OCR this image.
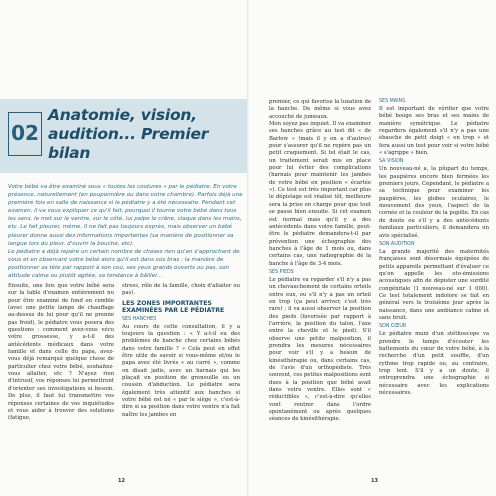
02
Anatomie, vision, audition... Premier bilan

Votre bébé va être examiné sous « toutes les coutures » par le pédiatre. En votre présence, naturellement (en pouponnière ou dans votre chambre). Parfois déjà une première fois en salle de naissance si le pédiatre y a été nécessaire. Pendant cet examen, il va vous expliquer ce qu'il fait, pourquoi il tourne votre bébé dans tous les sens, le met sur le ventre, sur le côté, lui palpe le crâne, claque dans les mains, etc. Le fait pleurer, même. Il ne fait pas toujours exprès, mais observer un bébé pleurer donne aussi des informations importantes (sa manière de positionner sa langue lors du pleur, d'ouvrir la bouche, etc).

Le pédiatre a déjà repéré un certain nombre de choses rien qu'en s'approchant de vous et en observant votre bébé alors qu'il est dans vos bras : la manière de positionner sa tête par rapport à son cou, ses yeux grands ouverts ou pas, son attitude calme ou plutôt agitée, sa tendance à bâiller...

Ensuite, une fois que votre bébé sera sur la table d'examen entièrement nu pour être examiné de fond en comble (avec une petite lampe de chauffage au-dessus de lui pour qu'il ne prenne pas froid), le pédiatre vous posera des questions : comment avez-vous vécu votre grossesse, y a-t-il des antécédents médicaux dans votre famille et dans celle du papa, avez-vous déjà remarqué quelque chose de particulier chez votre bébé, souhaitez-vous allaiter, etc ? N'ayez rien d'intrusif, vos réponses lui permettront d'orienter ses investigations si besoin. De plus, il faut lui transmettre vos réponses certaines de vos inquiétudes et vous aider à trouver des solutions (fatigue,

stress, rôle de la famille, choix d'allaiter ou pas).

LES ZONES IMPORTANTES EXAMINÉES PAR LE PÉDIATRE
SES HANCHES

Au cours de cette consultation, il y a toujours la question : « Y a-t-il eu des problèmes de hanche chez certains bébés dans votre famille ? » Cela peut en effet être utile de savoir si vous-même et/ou le papa avez été livrés « au carré », comme on disait jadis, avec un harnais qui les plaçait en position de grenouille ou un coussin d'abduction. Le pédiatre sera également très attentif aux hanches si votre bébé est né « par le siège », c'est-à-dire si sa position dans votre ventre n'a fait naître les jambes en

12

premier, ce qui favorise la luxation de la hanche. De même si vous avez accouché de jumeaux.
Mon soyez pas inquiet. Il va examiner ses hanches grâce au test dit « de Barlow » (mais il y en a d'autres) pour s'assurer qu'il ne repère pas un petit craquement. Si tel était le cas, un traitement serait mis en place pour lui éviter des complications (harnais pour maintenir les jambes de votre bébé en position « écartée »). Ce test est très important car plus le dépistage est réalisé tôt, meilleure sera la prise en charge pour que tout se passe bien ensuite. Si cet examen est normal mais qu'il y a des antécédents dans votre famille, peut-être le pédiatre demandera-t-il par prévention une échographie des hanches à l'âge de 1 mois ou, dans certains cas, une radiographie de la hanche à l'âge de 3-4 mois.

SES PIEDS

Le pédiatre va regarder s'il n'y a pas un chevauchement de certains orteils entre eux, ou s'il n'y a pas un orteil en trop (ça peut arriver, c'est très rare) ; il va aussi observer la position des pieds (favorisée par rapport à l'arrière, la position du talon, l'axe entre la cheville et le pied). S'il observe une petite malposition, il prendra les mesures nécessaires pour voir s'il y a besoin de kinésithérapie ou, dans certains cas, de l'avis d'un orthopédiste. Très souvent, ces petites malpositions sont dues à la position que bébé avait dans votre ventre. Elles sont « réductibles », c'est-à-dire qu'elles vont rentrer dans l'ordre spontanément ou après quelques séances de kinésithérapie.

SES MAINS

Il est important de vérifier que votre bébé bouge ses bras et ses mains de manière symétrique. Le pédiatre regardera également s'il n'y a pas une ébauche de petit doigt « en trop » et fera aussi un test pour voir si votre bébé « s'agrippe » bien.

SA VISION

Un nouveau-né a, la plupart du temps, les paupières encore bien fermées les premiers jours. Cependant, le pédiatre a sa technique pour examiner les paupières, les globes oculaires, le mouvement des yeux, l'aspect de la cornée et la couleur de la pupille. En cas de doute ou s'il y a des antécédents familiaux particuliers, il demandera un avis spécialisé.

SON AUDITION

La grande majorité des maternités françaises sont désormais équipées de petits appareils permettant d'évaluer ce qu'on appelle les oto-émissions acoustiques afin de dépister une surdité congénitale (1 nouveau-né sur 1 000). Ce test totalement indolore se fait en général vers le troisième jour après la naissance, dans une ambiance calme et sans bruit.

SON CŒUR

Le pédiatre muni d'un stéthoscope va prendre le temps d'écouter les battements du cœur de votre bébé, à la recherche d'un petit souffle, d'un rythme trop rapide ou, au contraire, trop lent. S'il y a un doute, il entreprendra une échographie si nécessaire avec les explications nécessaires.

13
